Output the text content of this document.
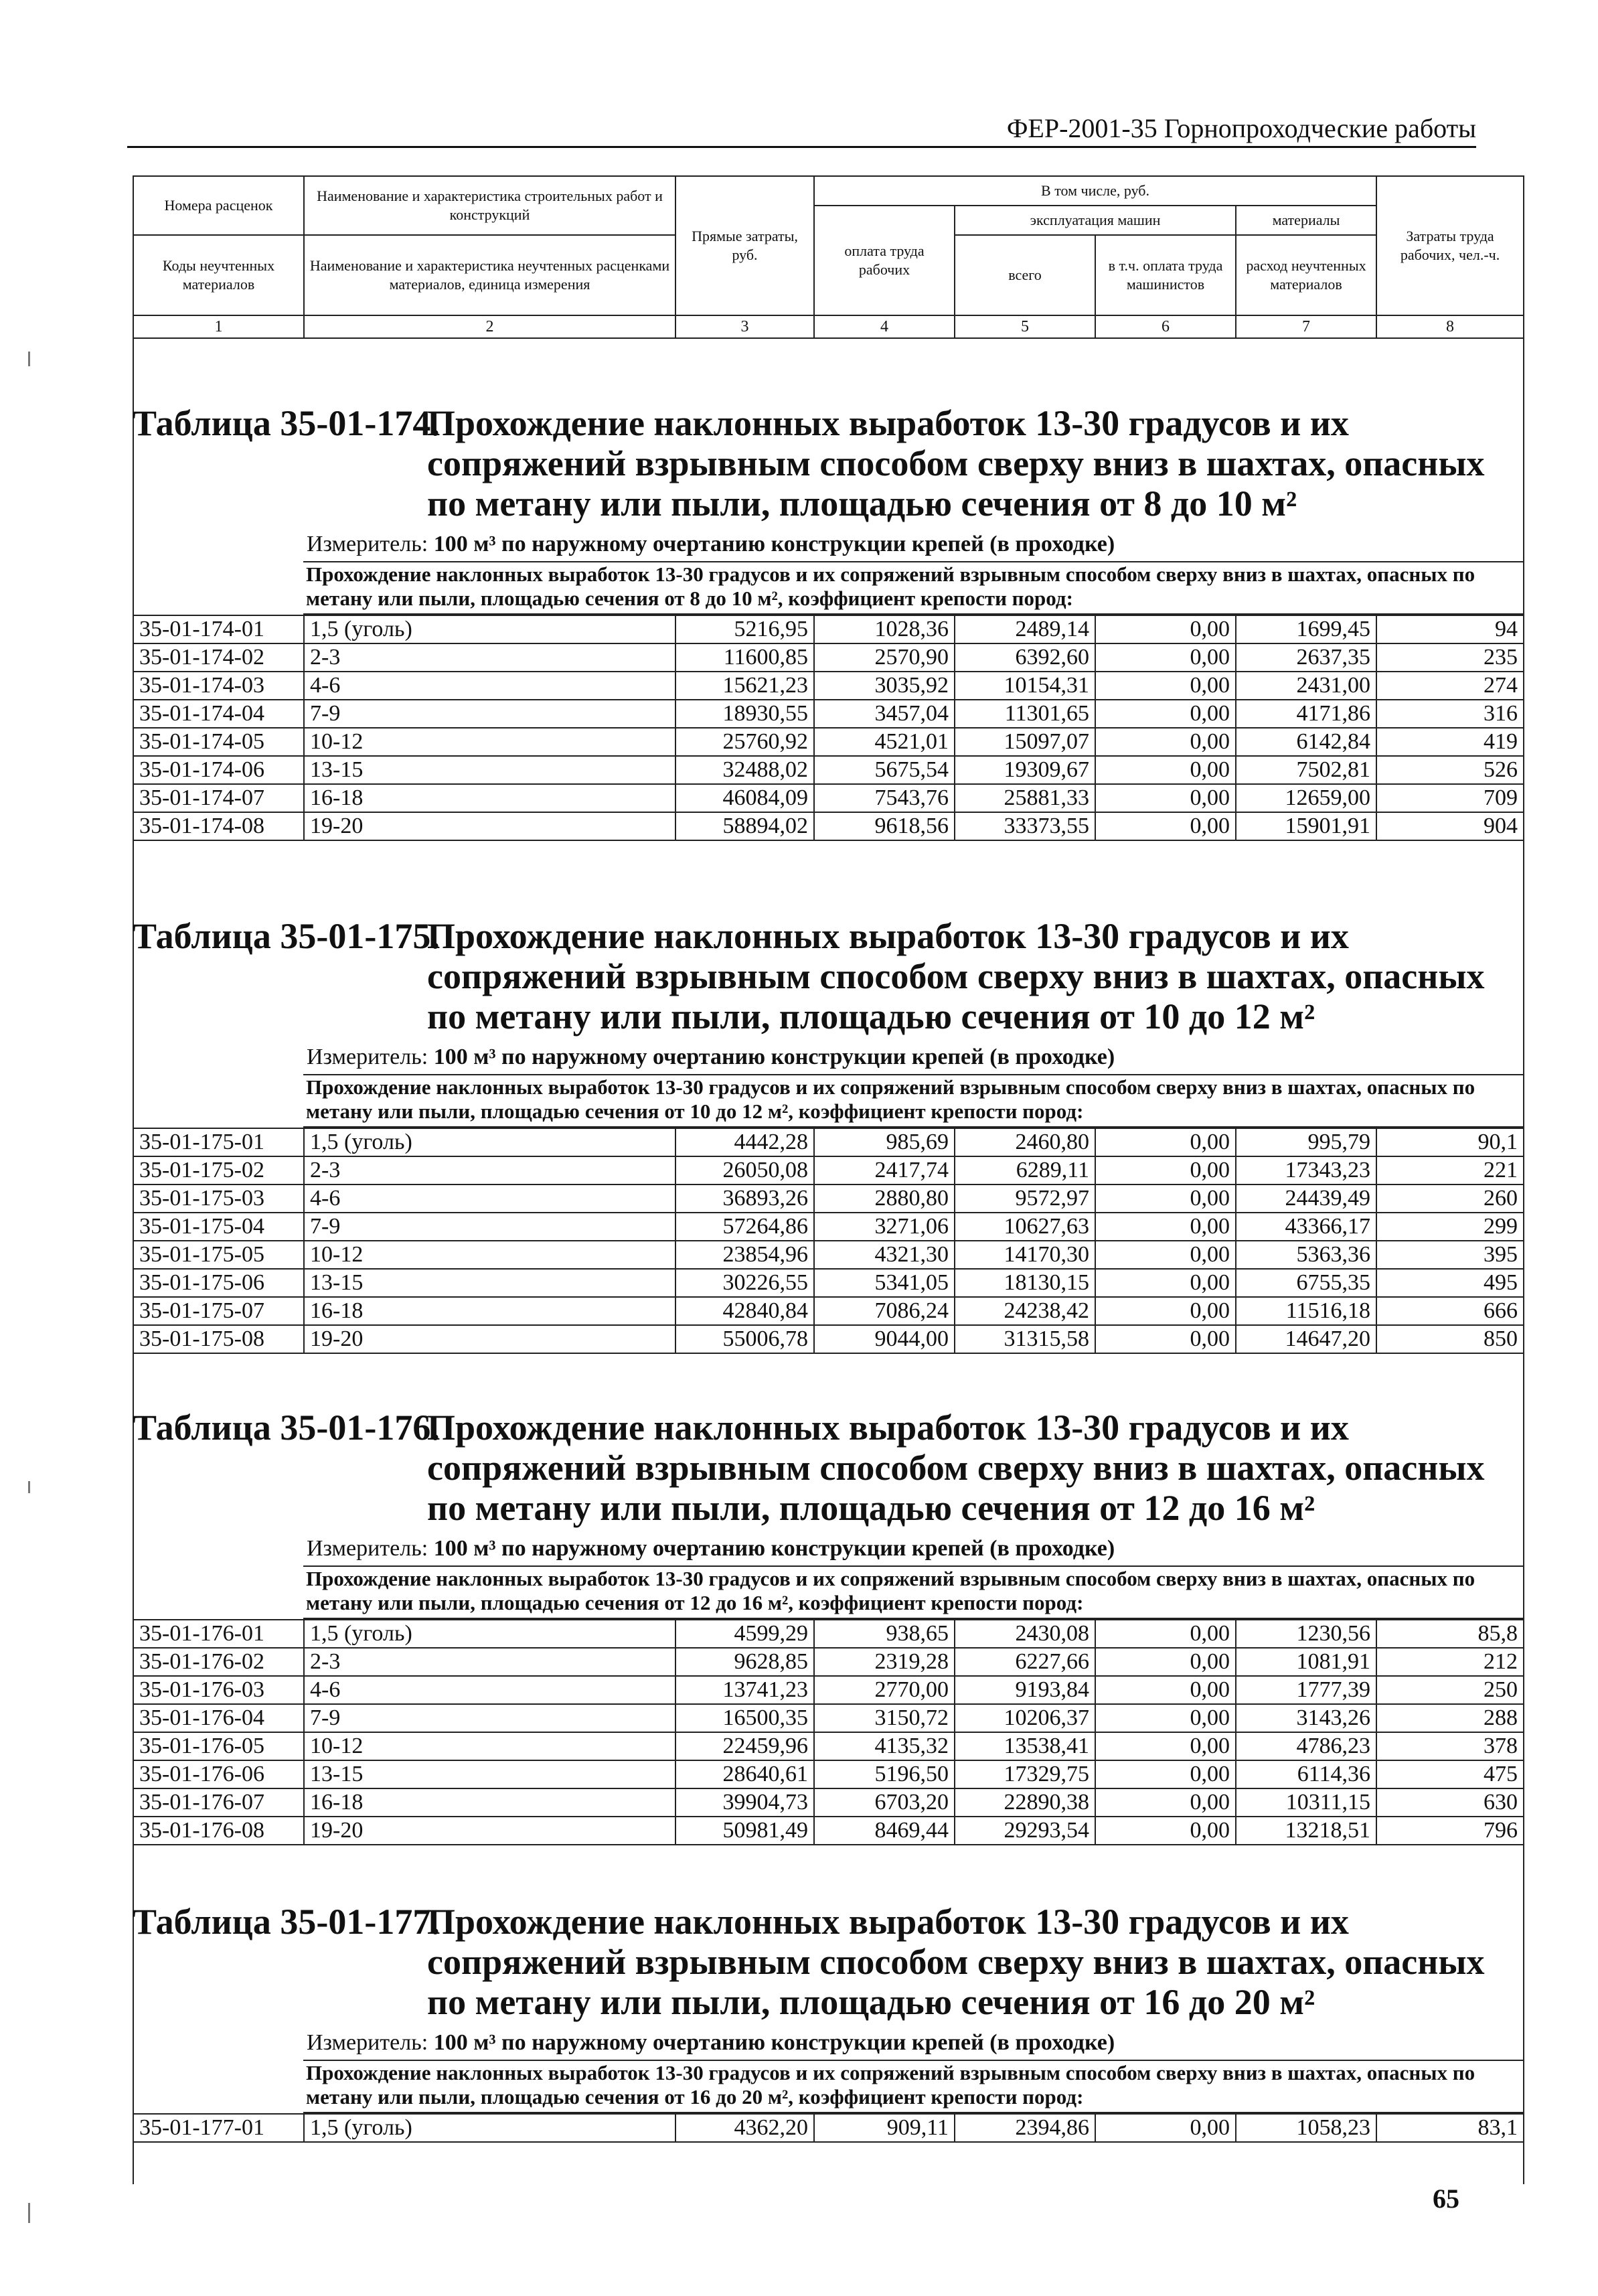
ФЕР-2001-35 Горнопроходческие работы
Номера расценок	Наименование и характеристика строительных работ и конструкций	Прямые затраты, руб.	В том числе, руб.				Затраты труда рабочих, чел.-ч.
			оплата труда рабочих	эксплуатация машин		материалы	
Коды неучтенных материалов	Наименование и характеристика неучтенных расценками материалов, единица измерения			всего	в т.ч. оплата труда машинистов	расход неучтенных материалов	

1	2	3	4	5	6	7	8
Таблица 35-01-174.
Прохождение наклонных выработок 13-30 градусов и их сопряжений взрывным способом сверху вниз в шахтах, опасных по метану или пыли, площадью сечения от 8 до 10 м²
Измеритель: 100 м³ по наружному очертанию конструкции крепей (в проходке)
Прохождение наклонных выработок 13-30 градусов и их сопряжений взрывным способом сверху вниз в шахтах, опасных по метану или пыли, площадью сечения от 8 до 10 м², коэффициент крепости пород:
35-01-174-01	1,5 (уголь)	5216,95	1028,36	2489,14	0,00	1699,45	94
35-01-174-02	2-3	11600,85	2570,90	6392,60	0,00	2637,35	235
35-01-174-03	4-6	15621,23	3035,92	10154,31	0,00	2431,00	274
35-01-174-04	7-9	18930,55	3457,04	11301,65	0,00	4171,86	316
35-01-174-05	10-12	25760,92	4521,01	15097,07	0,00	6142,84	419
35-01-174-06	13-15	32488,02	5675,54	19309,67	0,00	7502,81	526
35-01-174-07	16-18	46084,09	7543,76	25881,33	0,00	12659,00	709
35-01-174-08	19-20	58894,02	9618,56	33373,55	0,00	15901,91	904
Таблица 35-01-175.
Прохождение наклонных выработок 13-30 градусов и их сопряжений взрывным способом сверху вниз в шахтах, опасных по метану или пыли, площадью сечения от 10 до 12 м²
Измеритель: 100 м³ по наружному очертанию конструкции крепей (в проходке)
Прохождение наклонных выработок 13-30 градусов и их сопряжений взрывным способом сверху вниз в шахтах, опасных по метану или пыли, площадью сечения от 10 до 12 м², коэффициент крепости пород:
35-01-175-01	1,5 (уголь)	4442,28	985,69	2460,80	0,00	995,79	90,1
35-01-175-02	2-3	26050,08	2417,74	6289,11	0,00	17343,23	221
35-01-175-03	4-6	36893,26	2880,80	9572,97	0,00	24439,49	260
35-01-175-04	7-9	57264,86	3271,06	10627,63	0,00	43366,17	299
35-01-175-05	10-12	23854,96	4321,30	14170,30	0,00	5363,36	395
35-01-175-06	13-15	30226,55	5341,05	18130,15	0,00	6755,35	495
35-01-175-07	16-18	42840,84	7086,24	24238,42	0,00	11516,18	666
35-01-175-08	19-20	55006,78	9044,00	31315,58	0,00	14647,20	850
Таблица 35-01-176.
Прохождение наклонных выработок 13-30 градусов и их сопряжений взрывным способом сверху вниз в шахтах, опасных по метану или пыли, площадью сечения от 12 до 16 м²
Измеритель: 100 м³ по наружному очертанию конструкции крепей (в проходке)
Прохождение наклонных выработок 13-30 градусов и их сопряжений взрывным способом сверху вниз в шахтах, опасных по метану или пыли, площадью сечения от 12 до 16 м², коэффициент крепости пород:
35-01-176-01	1,5 (уголь)	4599,29	938,65	2430,08	0,00	1230,56	85,8
35-01-176-02	2-3	9628,85	2319,28	6227,66	0,00	1081,91	212
35-01-176-03	4-6	13741,23	2770,00	9193,84	0,00	1777,39	250
35-01-176-04	7-9	16500,35	3150,72	10206,37	0,00	3143,26	288
35-01-176-05	10-12	22459,96	4135,32	13538,41	0,00	4786,23	378
35-01-176-06	13-15	28640,61	5196,50	17329,75	0,00	6114,36	475
35-01-176-07	16-18	39904,73	6703,20	22890,38	0,00	10311,15	630
35-01-176-08	19-20	50981,49	8469,44	29293,54	0,00	13218,51	796
Таблица 35-01-177.
Прохождение наклонных выработок 13-30 градусов и их сопряжений взрывным способом сверху вниз в шахтах, опасных по метану или пыли, площадью сечения от 16 до 20 м²
Измеритель: 100 м³ по наружному очертанию конструкции крепей (в проходке)
Прохождение наклонных выработок 13-30 градусов и их сопряжений взрывным способом сверху вниз в шахтах, опасных по метану или пыли, площадью сечения от 16 до 20 м², коэффициент крепости пород:
35-01-177-01	1,5 (уголь)	4362,20	909,11	2394,86	0,00	1058,23	83,1
65
